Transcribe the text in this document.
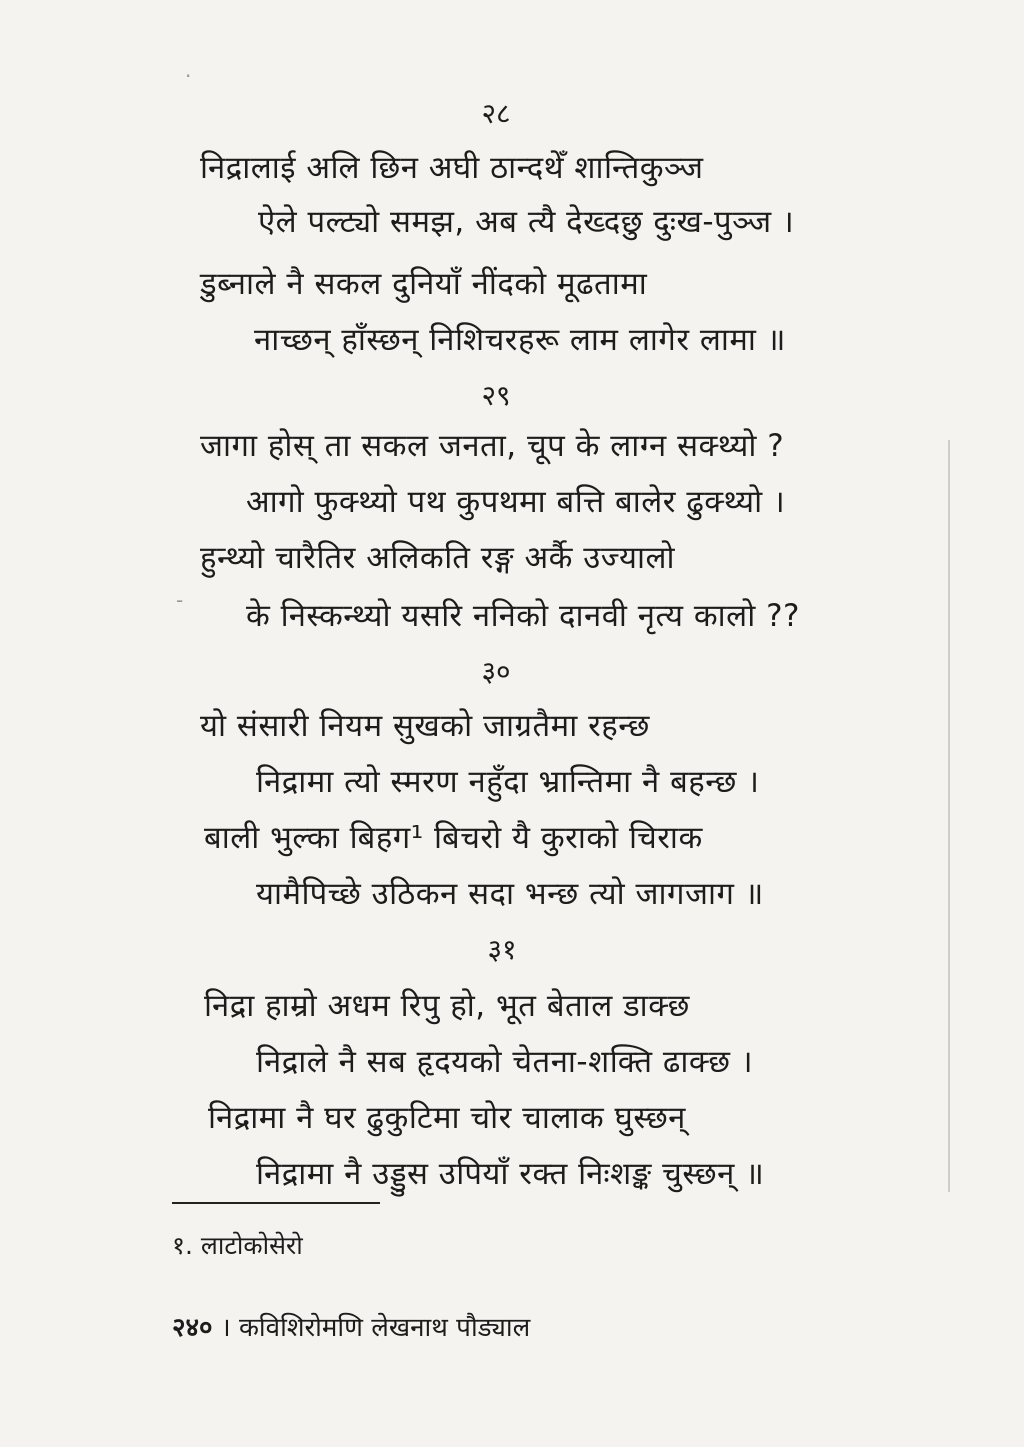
·
-
२८
निद्रालाई अलि छिन अघी ठान्दथेँ शान्तिकुञ्ज
ऐले पल्ट्यो समझ, अब त्यै देख्दछु दुःख-पुञ्ज ।
डुब्नाले नै सकल दुनियाँ नींदको मूढतामा
नाच्छन् हाँस्छन् निशिचरहरू लाम लागेर लामा ॥
२९
जागा होस् ता सकल जनता, चूप के लाग्न सक्थ्यो ?
आगो फुक्थ्यो पथ कुपथमा बत्ति बालेर ढुक्थ्यो ।
हुन्थ्यो चारैतिर अलिकति रङ्ग अर्कै उज्यालो
के निस्कन्थ्यो यसरि ननिको दानवी नृत्य कालो ??
३०
यो संसारी नियम सुखको जाग्रतैमा रहन्छ
निद्रामा त्यो स्मरण नहुँदा भ्रान्तिमा नै बहन्छ ।
बाली भुल्का बिहग¹ बिचरो यै कुराको चिराक
यामैपिच्छे उठिकन सदा भन्छ त्यो जागजाग ॥
३१
निद्रा हाम्रो अधम रिपु हो, भूत बेताल डाक्छ
निद्राले नै सब हृदयको चेतना-शक्ति ढाक्छ ।
निद्रामा नै घर ढुकुटिमा चोर चालाक घुस्छन्
निद्रामा नै उड्डुस उपियाँ रक्त निःशङ्क चुस्छन् ॥
१. लाटोकोसेरो
२४० । कविशिरोमणि लेखनाथ पौड्याल
